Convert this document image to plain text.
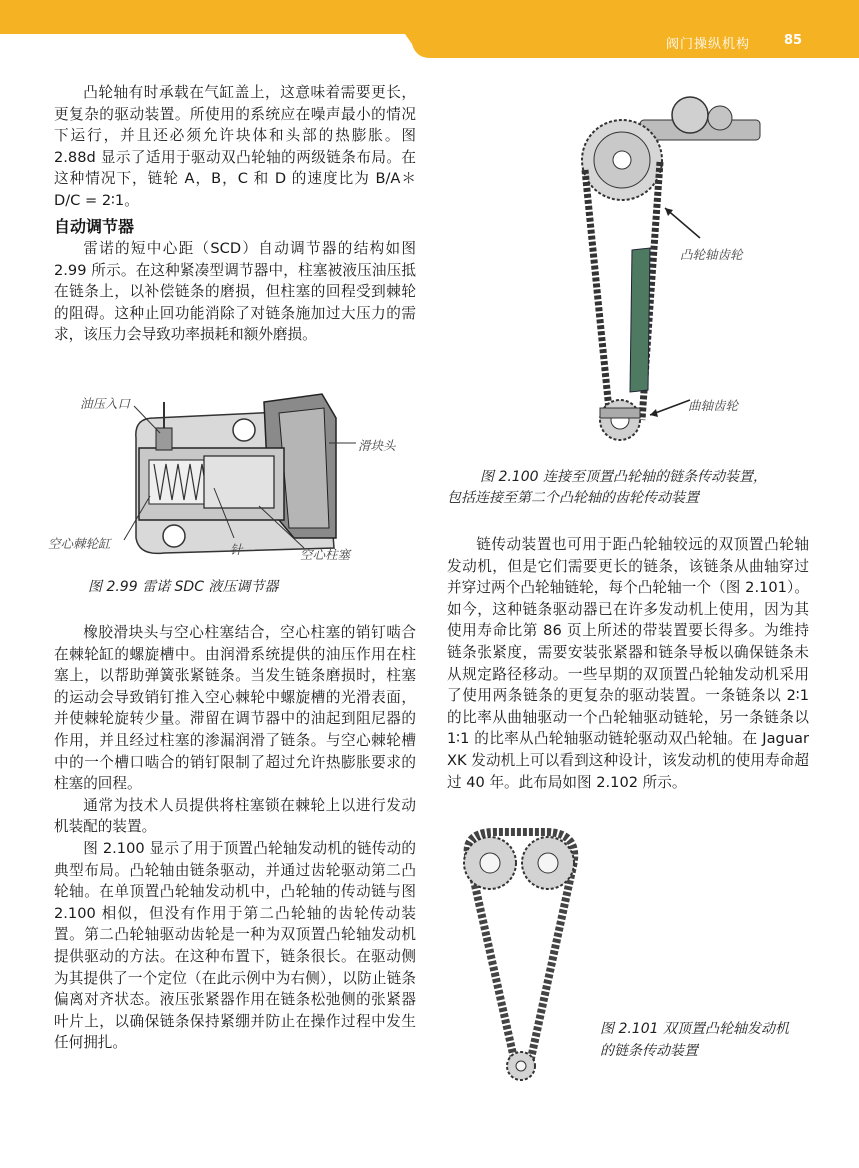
阀门操纵机构	85

凸轮轴有时承载在气缸盖上，这意味着需要更长，更复杂的驱动装置。所使用的系统应在噪声最小的情况下运行，并且还必须允许块体和头部的热膨胀。图 2.88d 显示了适用于驱动双凸轮轴的两级链条布局。在这种情况下，链轮 A，B，C 和 D 的速度比为 B/A＊D/C = 2∶1。

自动调节器

雷诺的短中心距（SCD）自动调节器的结构如图 2.99 所示。在这种紧凑型调节器中，柱塞被液压油压抵在链条上，以补偿链条的磨损，但柱塞的回程受到棘轮的阻碍。这种止回功能消除了对链条施加过大压力的需求，该压力会导致功率损耗和额外磨损。

油压入口
滑块头
空心棘轮缸	针	空心柱塞
图 2.99 雷诺 SDC 液压调节器

橡胶滑块头与空心柱塞结合，空心柱塞的销钉啮合在棘轮缸的螺旋槽中。由润滑系统提供的油压作用在柱塞上，以帮助弹簧张紧链条。当发生链条磨损时，柱塞的运动会导致销钉推入空心棘轮中螺旋槽的光滑表面，并使棘轮旋转少量。滞留在调节器中的油起到阻尼器的作用，并且经过柱塞的渗漏润滑了链条。与空心棘轮槽中的一个槽口啮合的销钉限制了超过允许热膨胀要求的柱塞的回程。

通常为技术人员提供将柱塞锁在棘轮上以进行发动机装配的装置。

图 2.100 显示了用于顶置凸轮轴发动机的链传动的典型布局。凸轮轴由链条驱动，并通过齿轮驱动第二凸轮轴。在单顶置凸轮轴发动机中，凸轮轴的传动链与图 2.100 相似，但没有作用于第二凸轮轴的齿轮传动装置。第二凸轮轴驱动齿轮是一种为双顶置凸轮轴发动机提供驱动的方法。在这种布置下，链条很长。在驱动侧为其提供了一个定位（在此示例中为右侧），以防止链条偏离对齐状态。液压张紧器作用在链条松弛侧的张紧器叶片上，以确保链条保持紧绷并防止在操作过程中发生任何拥扎。

凸轮轴齿轮
曲轴齿轮
图 2.100 连接至顶置凸轮轴的链条传动装置，
包括连接至第二个凸轮轴的齿轮传动装置

链传动装置也可用于距凸轮轴较远的双顶置凸轮轴发动机，但是它们需要更长的链条，该链条从曲轴穿过并穿过两个凸轮轴链轮，每个凸轮轴一个（图 2.101）。如今，这种链条驱动器已在许多发动机上使用，因为其使用寿命比第 86 页上所述的带装置要长得多。为维持链条张紧度，需要安装张紧器和链条导板以确保链条未从规定路径移动。一些早期的双顶置凸轮轴发动机采用了使用两条链条的更复杂的驱动装置。一条链条以 2∶1 的比率从曲轴驱动一个凸轮轴驱动链轮，另一条链条以 1∶1 的比率从凸轮轴驱动链轮驱动双凸轮轴。在 Jaguar XK 发动机上可以看到这种设计，该发动机的使用寿命超过 40 年。此布局如图 2.102 所示。

图 2.101 双顶置凸轮轴发动机
的链条传动装置
